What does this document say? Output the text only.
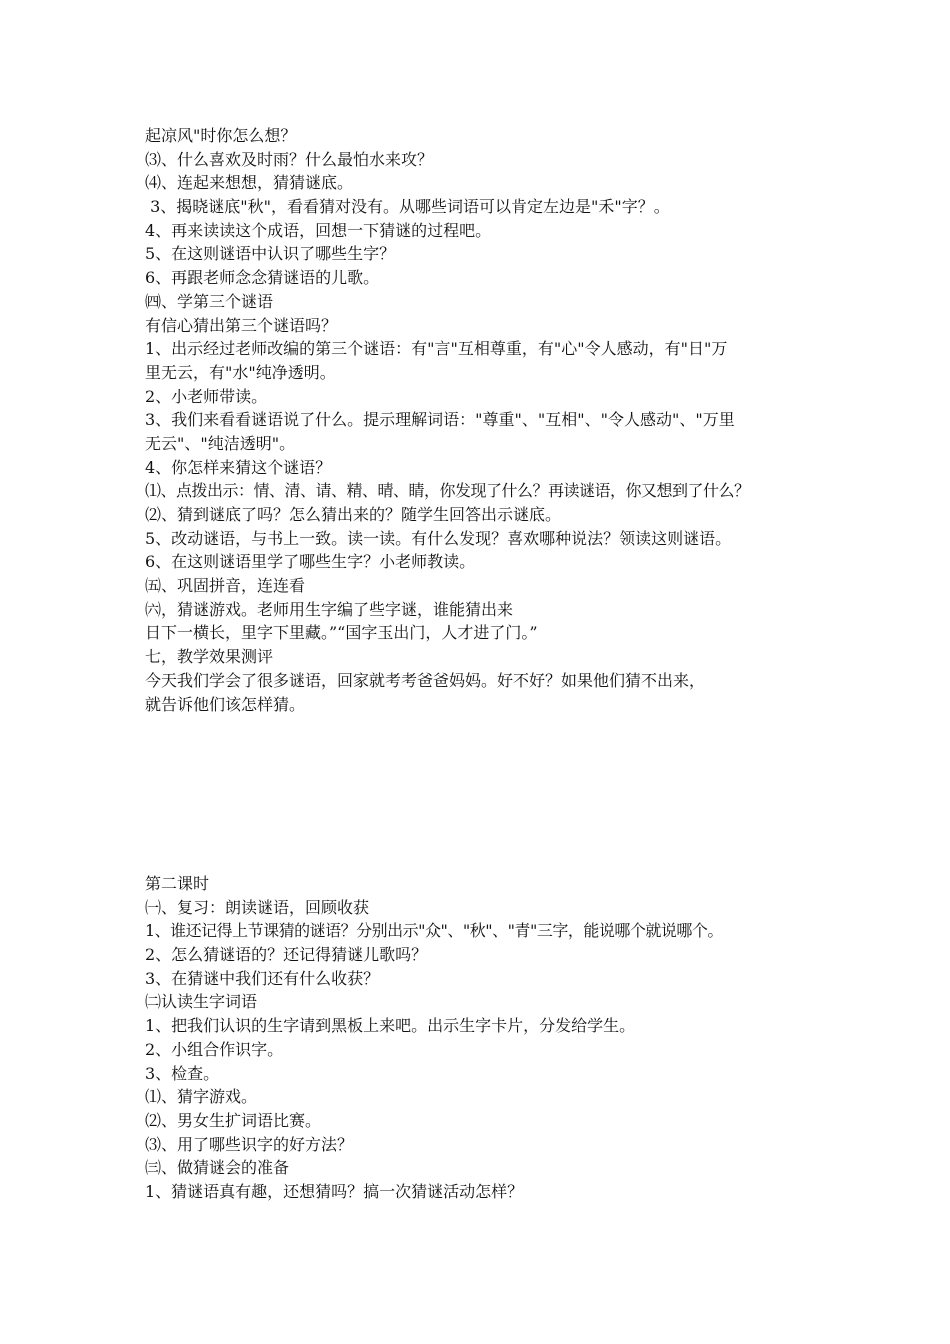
起凉风"时你怎么想？
⑶、什么喜欢及时雨？什么最怕水来攻？
⑷、连起来想想，猜猜谜底。
3、揭晓谜底"秋"，看看猜对没有。从哪些词语可以肯定左边是"禾"字？。
4、再来读读这个成语，回想一下猜谜的过程吧。
5、在这则谜语中认识了哪些生字？
6、再跟老师念念猜谜语的儿歌。
㈣、学第三个谜语
有信心猜出第三个谜语吗？
1、出示经过老师改编的第三个谜语：有"言"互相尊重，有"心"令人感动，有"日"万
里无云，有"水"纯净透明。
2、小老师带读。
3、我们来看看谜语说了什么。提示理解词语："尊重"、"互相"、"令人感动"、"万里
无云"、"纯洁透明"。
4、你怎样来猜这个谜语？
⑴、点拨出示：情、清、请、精、晴、睛，你发现了什么？再读谜语，你又想到了什么？
⑵、猜到谜底了吗？怎么猜出来的？随学生回答出示谜底。
5、改动谜语，与书上一致。读一读。有什么发现？喜欢哪种说法？领读这则谜语。
6、在这则谜语里学了哪些生字？小老师教读。
㈤、巩固拼音，连连看
㈥，猜谜游戏。老师用生字编了些字谜，谁能猜出来
日下一横长，里字下里藏。”“国字玉出门，人才进了门。”
七，教学效果测评
今天我们学会了很多谜语，回家就考考爸爸妈妈。好不好？如果他们猜不出来，
就告诉他们该怎样猜。
第二课时
㈠、复习：朗读谜语，回顾收获
1、谁还记得上节课猜的谜语？分别出示"众"、"秋"、"青"三字，能说哪个就说哪个。
2、怎么猜谜语的？还记得猜谜儿歌吗？
3、在猜谜中我们还有什么收获？
㈡认读生字词语
1、把我们认识的生字请到黑板上来吧。出示生字卡片，分发给学生。
2、小组合作识字。
3、检查。
⑴、猜字游戏。
⑵、男女生扩词语比赛。
⑶、用了哪些识字的好方法？
㈢、做猜谜会的准备
1、猜谜语真有趣，还想猜吗？搞一次猜谜活动怎样？
